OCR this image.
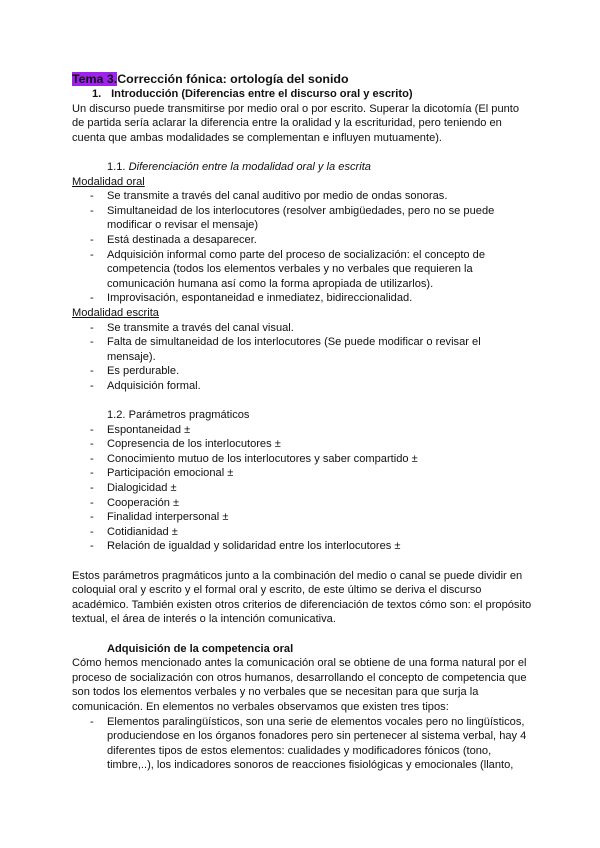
Tema 3.Corrección fónica: ortología del sonido
1. Introducción (Diferencias entre el discurso oral y escrito)

Un discurso puede transmitirse por medio oral o por escrito. Superar la dicotomía (El punto de partida sería aclarar la diferencia entre la oralidad y la escrituridad, pero teniendo en cuenta que ambas modalidades se complementan e influyen mutuamente).

1.1. Diferenciación entre la modalidad oral y la escrita
Modalidad oral
- Se transmite a través del canal auditivo por medio de ondas sonoras.
- Simultaneidad de los interlocutores (resolver ambigüedades, pero no se puede modificar o revisar el mensaje)
- Está destinada a desaparecer.
- Adquisición informal como parte del proceso de socialización: el concepto de competencia (todos los elementos verbales y no verbales que requieren la comunicación humana así como la forma apropiada de utilizarlos).
- Improvisación, espontaneidad e inmediatez, bidireccionalidad.
Modalidad escrita
- Se transmite a través del canal visual.
- Falta de simultaneidad de los interlocutores (Se puede modificar o revisar el mensaje).
- Es perdurable.
- Adquisición formal.
1.2. Parámetros pragmáticos
- Espontaneidad ±
- Copresencia de los interlocutores ±
- Conocimiento mutuo de los interlocutores y saber compartido ±
- Participación emocional ±
- Dialogicidad ±
- Cooperación ±
- Finalidad interpersonal ±
- Cotidianidad ±
- Relación de igualdad y solidaridad entre los interlocutores ±

Estos parámetros pragmáticos junto a la combinación del medio o canal se puede dividir en coloquial oral y escrito y el formal oral y escrito, de este último se deriva el discurso académico. También existen otros criterios de diferenciación de textos cómo son: el propósito textual, el área de interés o la intención comunicativa.

Adquisición de la competencia oral

Cómo hemos mencionado antes la comunicación oral se obtiene de una forma natural por el proceso de socialización con otros humanos, desarrollando el concepto de competencia que son todos los elementos verbales y no verbales que se necesitan para que surja la comunicación. En elementos no verbales observamos que existen tres tipos:

- Elementos paralingüísticos, son una serie de elementos vocales pero no lingüísticos, produciendose en los órganos fonadores pero sin pertenecer al sistema verbal, hay 4 diferentes tipos de estos elementos: cualidades y modificadores fónicos (tono, timbre,..), los indicadores sonoros de reacciones fisiológicas y emocionales (llanto,
